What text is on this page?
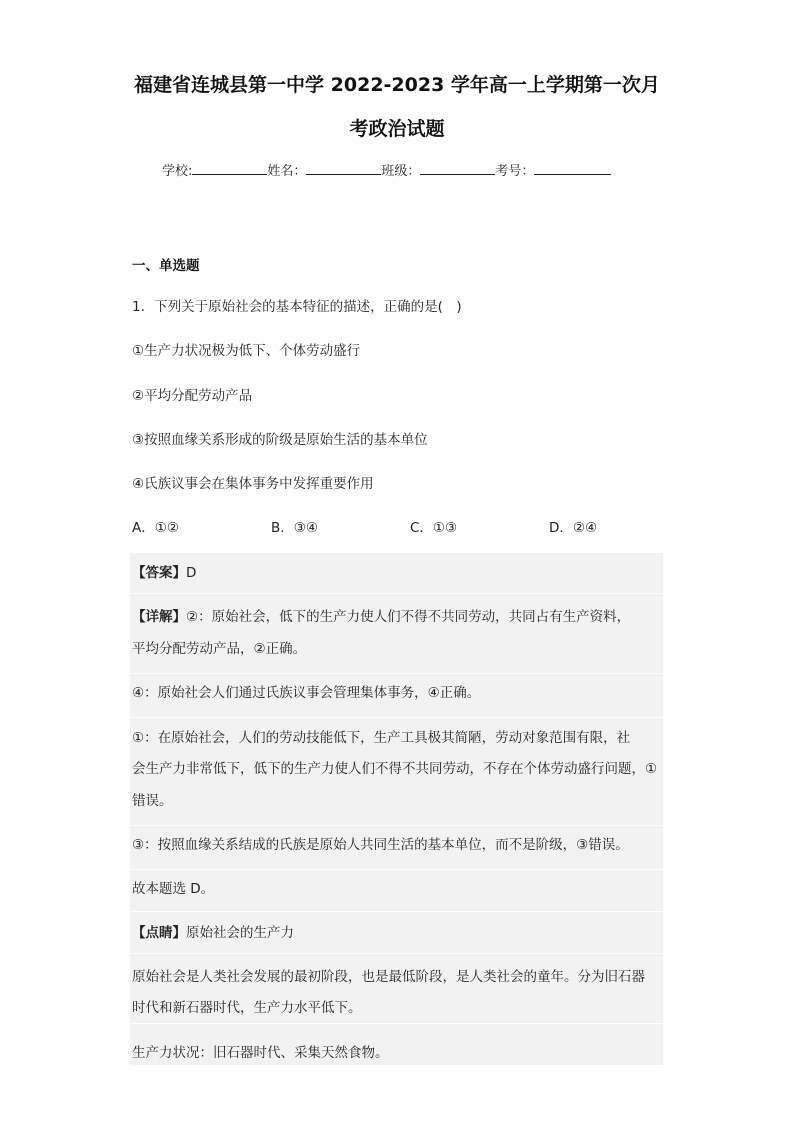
福建省连城县第一中学 2022-2023 学年高一上学期第一次月
考政治试题
学校:	姓名：	班级：	考号：
一、单选题
1．下列关于原始社会的基本特征的描述，正确的是(　)
①生产力状况极为低下、个体劳动盛行
②平均分配劳动产品
③按照血缘关系形成的阶级是原始生活的基本单位
④氏族议事会在集体事务中发挥重要作用
A．①②	B．③④	C．①③	D．②④
【答案】D
【详解】②：原始社会，低下的生产力使人们不得不共同劳动，共同占有生产资料，
平均分配劳动产品，②正确。
④：原始社会人们通过氏族议事会管理集体事务，④正确。
①：在原始社会，人们的劳动技能低下，生产工具极其简陋，劳动对象范围有限，社
会生产力非常低下，低下的生产力使人们不得不共同劳动，不存在个体劳动盛行问题，①
错误。
③：按照血缘关系结成的氏族是原始人共同生活的基本单位，而不是阶级，③错误。
故本题选 D。
【点睛】原始社会的生产力
原始社会是人类社会发展的最初阶段，也是最低阶段，是人类社会的童年。分为旧石器
时代和新石器时代，生产力水平低下。
生产力状况：旧石器时代、采集天然食物。
